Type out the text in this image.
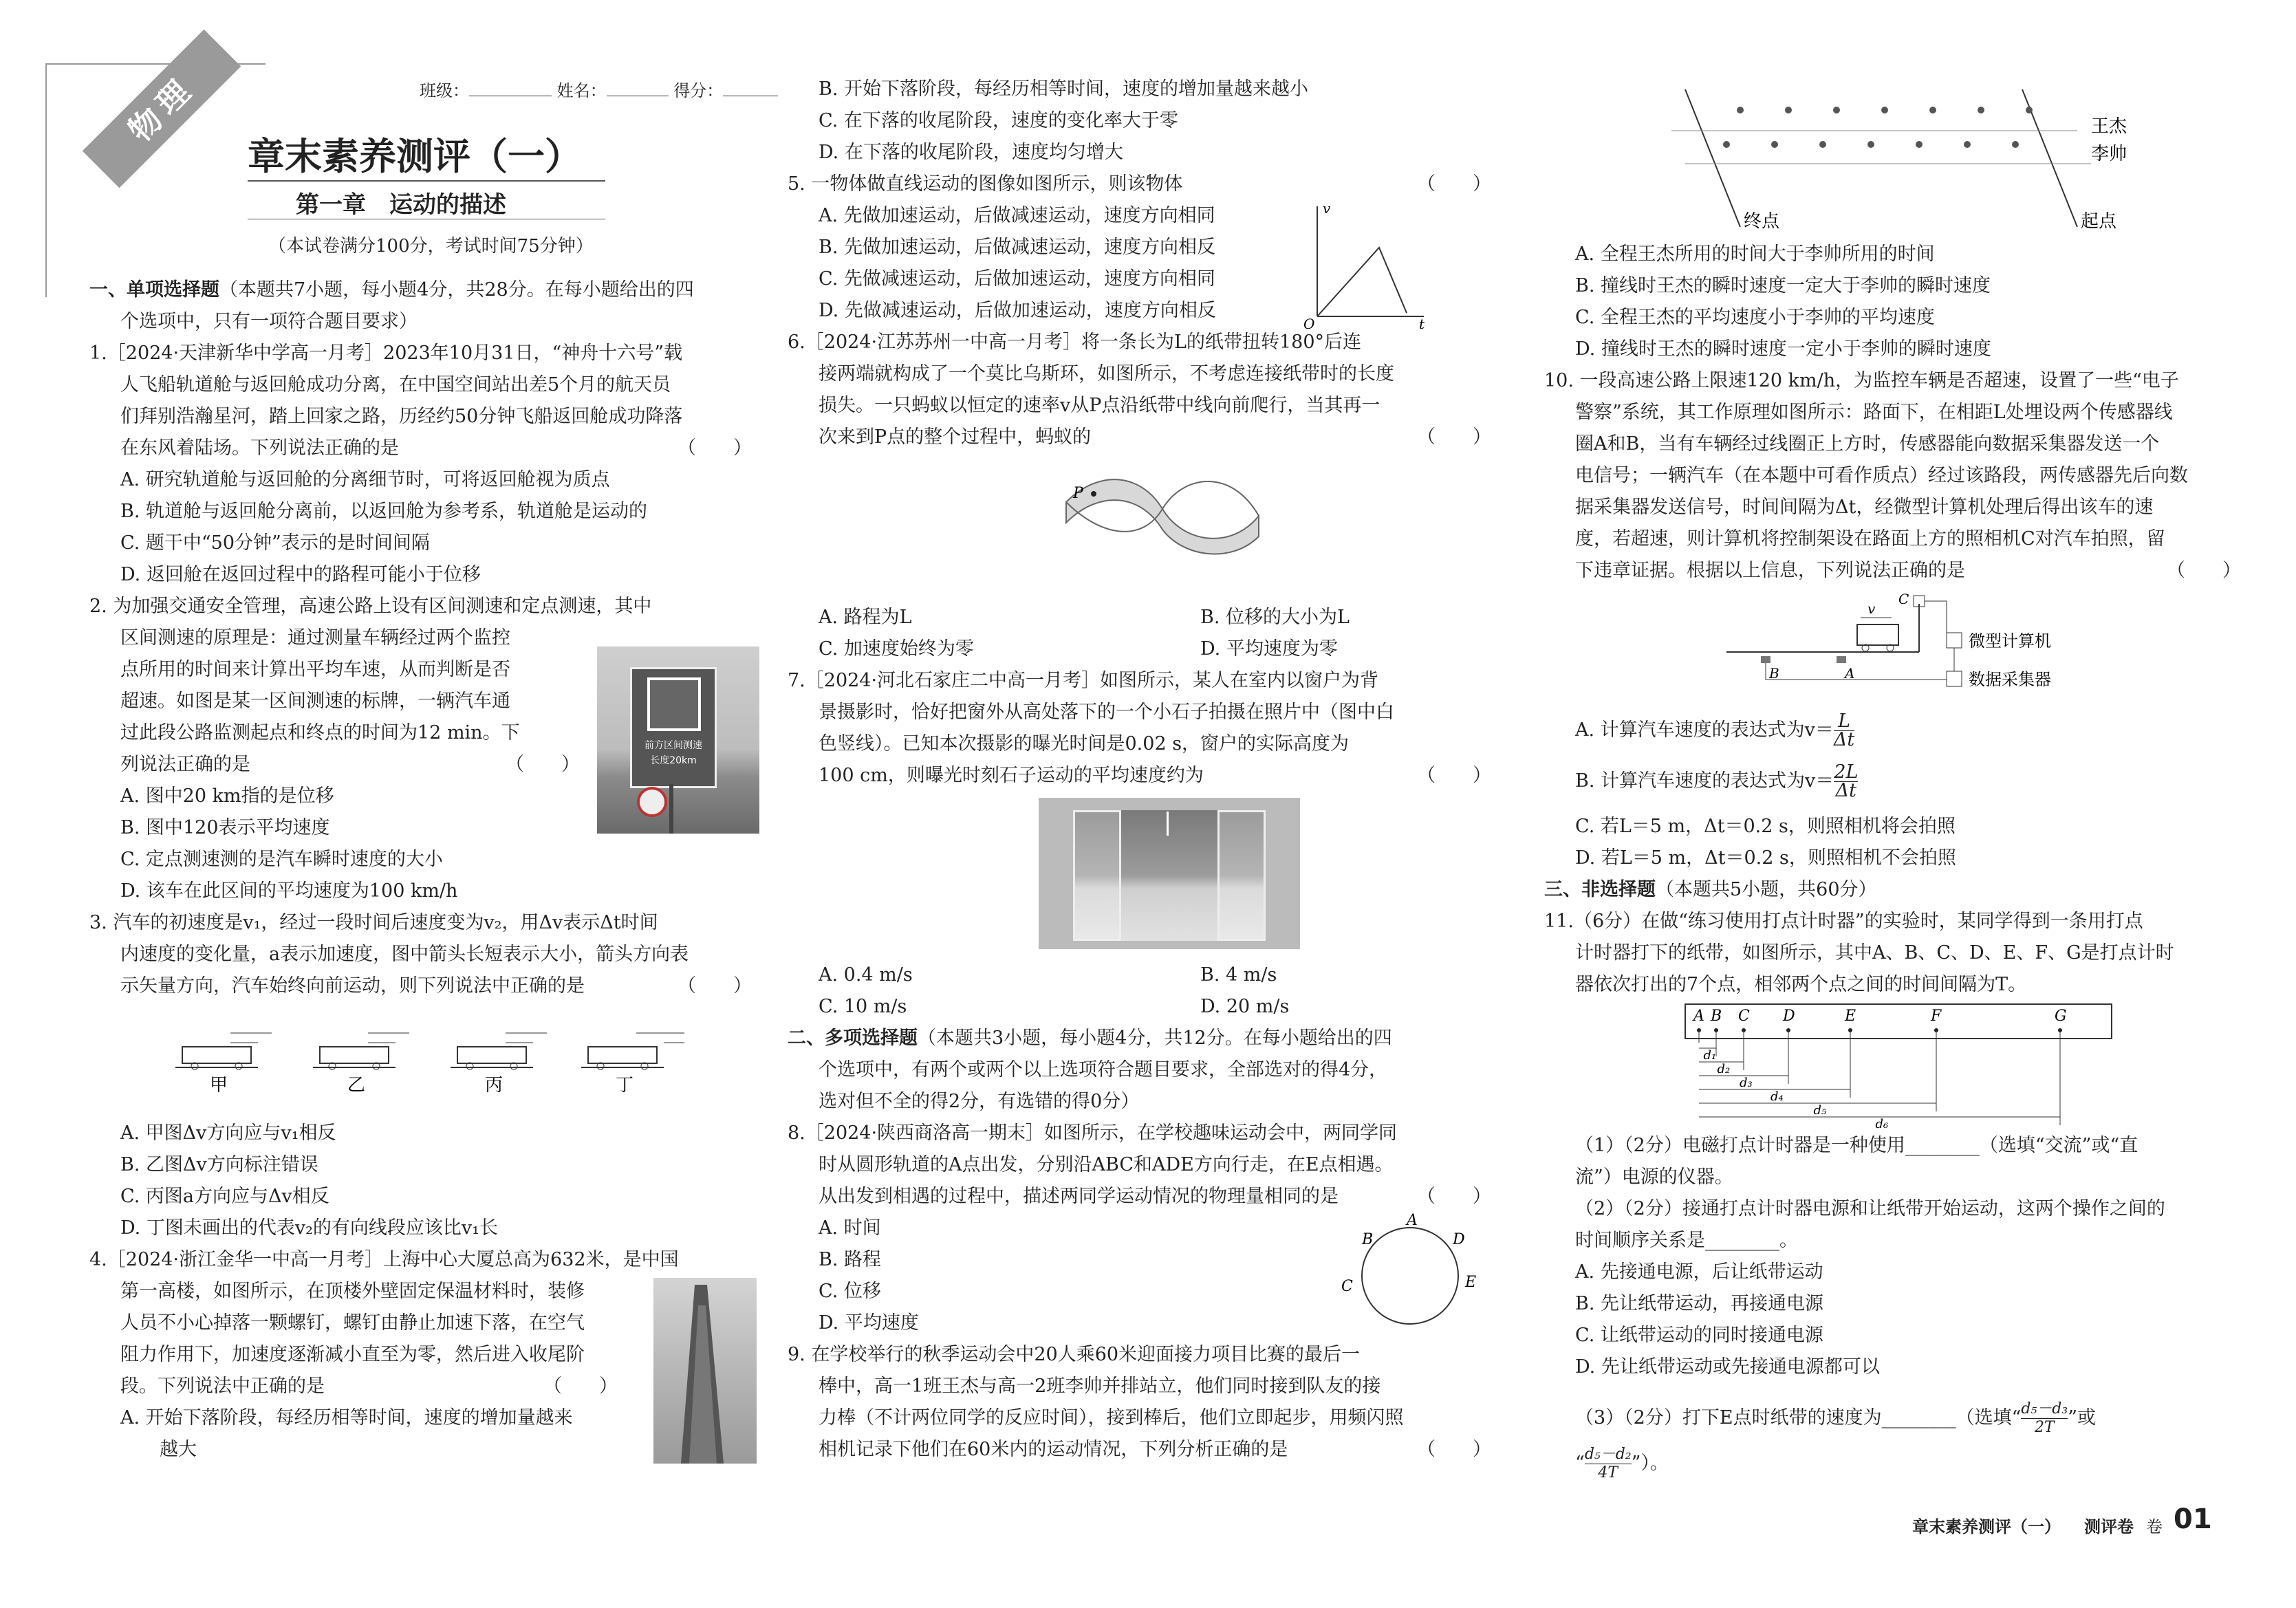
物理	班级：	姓名：	得分：
章末素养测评（一）
第一章　运动的描述
（本试卷满分100分，考试时间75分钟）
一、单项选择题（本题共7小题，每小题4分，共28分。在每小题给出的四
个选项中，只有一项符合题目要求）
1.［2024·天津新华中学高一月考］2023年10月31日，“神舟十六号”载
人飞船轨道舱与返回舱成功分离，在中国空间站出差5个月的航天员
们拜别浩瀚星河，踏上回家之路，历经约50分钟飞船返回舱成功降落
在东风着陆场。下列说法正确的是	（　　）
A. 研究轨道舱与返回舱的分离细节时，可将返回舱视为质点
B. 轨道舱与返回舱分离前，以返回舱为参考系，轨道舱是运动的
C. 题干中“50分钟”表示的是时间间隔
D. 返回舱在返回过程中的路程可能小于位移
2. 为加强交通安全管理，高速公路上设有区间测速和定点测速，其中
区间测速的原理是：通过测量车辆经过两个监控
点所用的时间来计算出平均车速，从而判断是否
超速。如图是某一区间测速的标牌，一辆汽车通
过此段公路监测起点和终点的时间为12 min。下
列说法正确的是	（　　）
A. 图中20 km指的是位移
B. 图中120表示平均速度
C. 定点测速测的是汽车瞬时速度的大小
D. 该车在此区间的平均速度为100 km/h
前方区间测速
长度20km
3. 汽车的初速度是v₁，经过一段时间后速度变为v₂，用Δv表示Δt时间
内速度的变化量，a表示加速度，图中箭头长短表示大小，箭头方向表
示矢量方向，汽车始终向前运动，则下列说法中正确的是	（　　）
甲	乙	丙	丁
A. 甲图Δv方向应与v₁相反
B. 乙图Δv方向标注错误
C. 丙图a方向应与Δv相反
D. 丁图未画出的代表v₂的有向线段应该比v₁长
4.［2024·浙江金华一中高一月考］上海中心大厦总高为632米，是中国
第一高楼，如图所示，在顶楼外壁固定保温材料时，装修
人员不小心掉落一颗螺钉，螺钉由静止加速下落，在空气
阻力作用下，加速度逐渐减小直至为零，然后进入收尾阶
段。下列说法中正确的是	（　　）
A. 开始下落阶段，每经历相等时间，速度的增加量越来
越大
B. 开始下落阶段，每经历相等时间，速度的增加量越来越小
C. 在下落的收尾阶段，速度的变化率大于零
D. 在下落的收尾阶段，速度均匀增大
5. 一物体做直线运动的图像如图所示，则该物体	（　　）
A. 先做加速运动，后做减速运动，速度方向相同
B. 先做加速运动，后做减速运动，速度方向相反
C. 先做减速运动，后做加速运动，速度方向相同
D. 先做减速运动，后做加速运动，速度方向相反
v
t
O
6.［2024·江苏苏州一中高一月考］将一条长为L的纸带扭转180°后连
接两端就构成了一个莫比乌斯环，如图所示，不考虑连接纸带时的长度
损失。一只蚂蚁以恒定的速率v从P点沿纸带中线向前爬行，当其再一
次来到P点的整个过程中，蚂蚁的	（　　）
P
A. 路程为L	B. 位移的大小为L
C. 加速度始终为零	D. 平均速度为零
7.［2024·河北石家庄二中高一月考］如图所示，某人在室内以窗户为背
景摄影时，恰好把窗外从高处落下的一个小石子拍摄在照片中（图中白
色竖线）。已知本次摄影的曝光时间是0.02 s，窗户的实际高度为
100 cm，则曝光时刻石子运动的平均速度约为	（　　）
A. 0.4 m/s	B. 4 m/s
C. 10 m/s	D. 20 m/s
二、多项选择题（本题共3小题，每小题4分，共12分。在每小题给出的四
个选项中，有两个或两个以上选项符合题目要求，全部选对的得4分，
选对但不全的得2分，有选错的得0分）
8.［2024·陕西商洛高一期末］如图所示，在学校趣味运动会中，两同学同
时从圆形轨道的A点出发，分别沿ABC和ADE方向行走，在E点相遇。
从出发到相遇的过程中，描述两同学运动情况的物理量相同的是	（　　）
A. 时间
B. 路程
C. 位移
D. 平均速度
A
B
C
D
E
9. 在学校举行的秋季运动会中20人乘60米迎面接力项目比赛的最后一
棒中，高一1班王杰与高一2班李帅并排站立，他们同时接到队友的接
力棒（不计两位同学的反应时间），接到棒后，他们立即起步，用频闪照
相机记录下他们在60米内的运动情况，下列分析正确的是	（　　）
王杰
李帅
终点	起点
A. 全程王杰所用的时间大于李帅所用的时间
B. 撞线时王杰的瞬时速度一定大于李帅的瞬时速度
C. 全程王杰的平均速度小于李帅的平均速度
D. 撞线时王杰的瞬时速度一定小于李帅的瞬时速度
10. 一段高速公路上限速120 km/h，为监控车辆是否超速，设置了一些“电子
警察”系统，其工作原理如图所示：路面下，在相距L处埋设两个传感器线
圈A和B，当有车辆经过线圈正上方时，传感器能向数据采集器发送一个
电信号；一辆汽车（在本题中可看作质点）经过该路段，两传感器先后向数
据采集器发送信号，时间间隔为Δt，经微型计算机处理后得出该车的速
度，若超速，则计算机将控制架设在路面上方的照相机C对汽车拍照，留
下违章证据。根据以上信息，下列说法正确的是	（　　）
v
C
B	A
微型计算机
数据采集器
A. 计算汽车速度的表达式为$v= \frac{L}{\Delta t}$
B. 计算汽车速度的表达式为$v= \frac{2L}{\Delta t}$
C. 若L＝5 m，Δt＝0.2 s，则照相机将会拍照
D. 若L＝5 m，Δt＝0.2 s，则照相机不会拍照
三、非选择题（本题共5小题，共60分）
11.（6分）在做“练习使用打点计时器”的实验时，某同学得到一条用打点
计时器打下的纸带，如图所示，其中A、B、C、D、E、F、G是打点计时
器依次打出的7个点，相邻两个点之间的时间间隔为T。
A B C D	E	F	G
d₁
d₂
d₃
d₄
d₅
d₆
（1）（2分）电磁打点计时器是一种使用________（选填“交流”或“直
流”）电源的仪器。
（2）（2分）接通打点计时器电源和让纸带开始运动，这两个操作之间的
时间顺序关系是________。
A. 先接通电源，后让纸带运动
B. 先让纸带运动，再接通电源
C. 让纸带运动的同时接通电源
D. 先让纸带运动或先接通电源都可以
（3）（2分）打下E点时纸带的速度为________（选填“ $\frac{\text{d₅－d₃}}{2T}$ ”或
“ $\frac{\text{d₅－d₂}}{4T}$ ”）。
章末素养测评（一） 测评卷 卷 01
